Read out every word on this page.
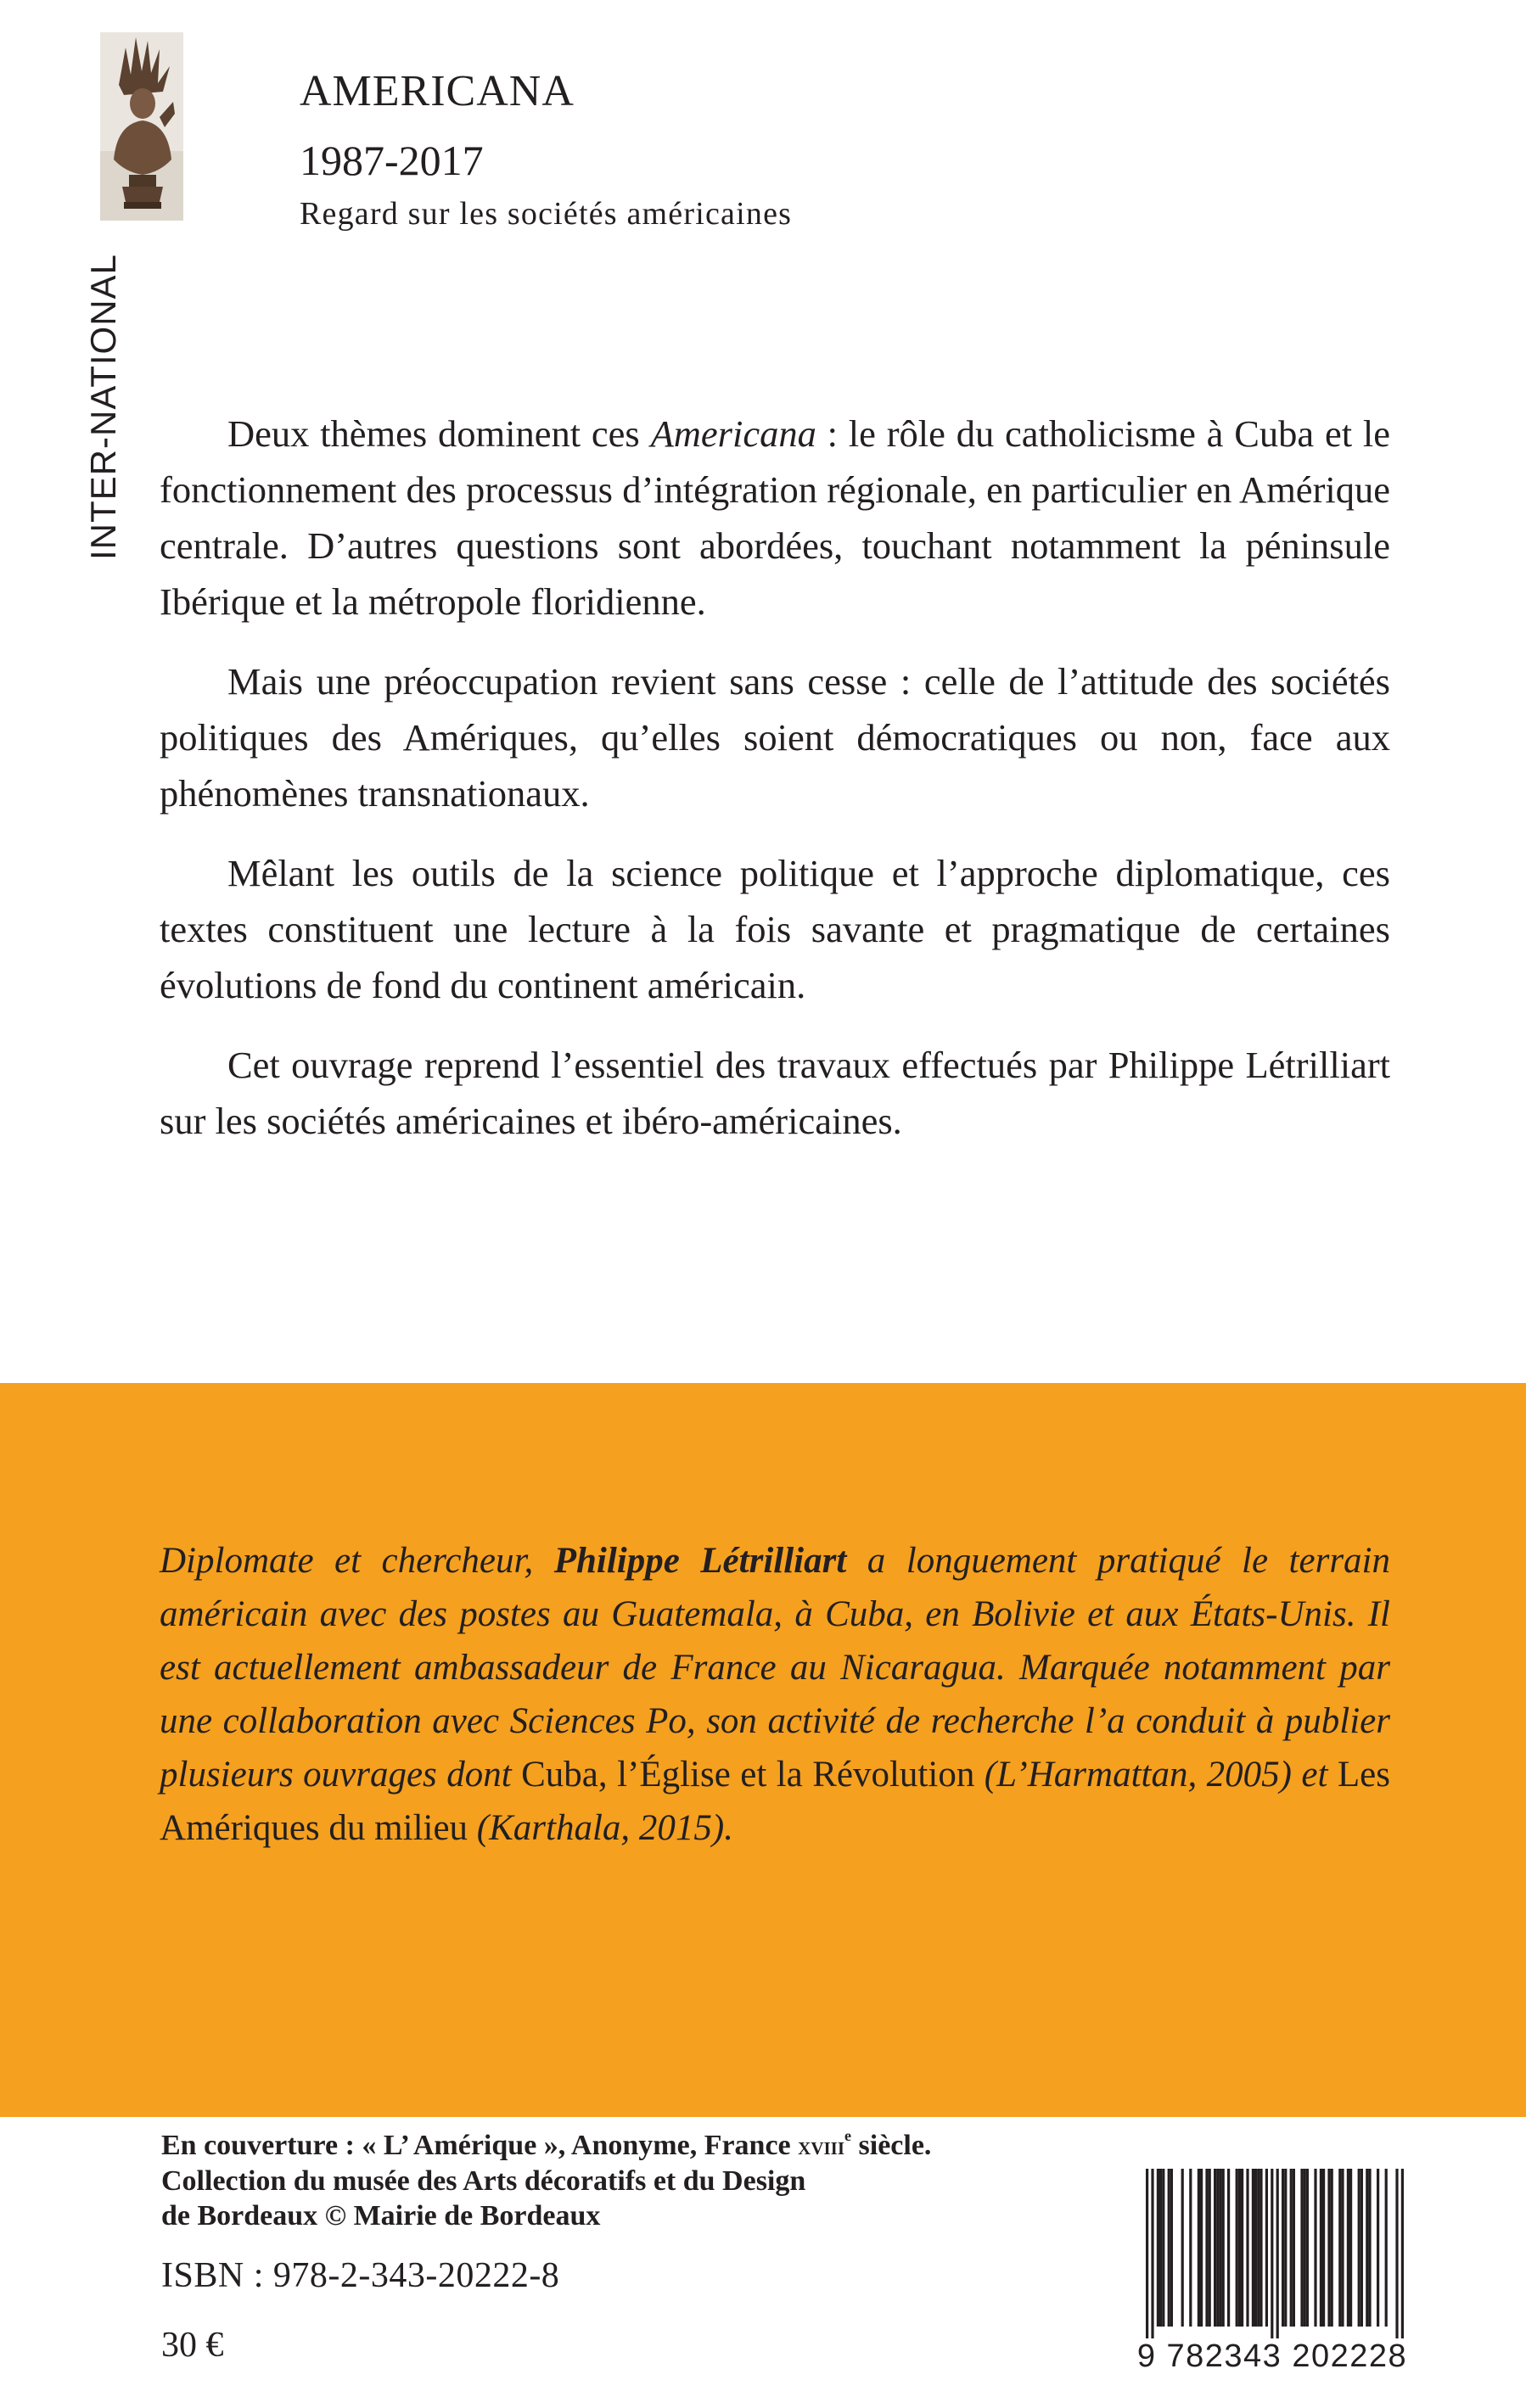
AMERICANA
1987-2017
Regard sur les sociétés américaines
INTER-NATIONAL	Deux thèmes dominent ces Americana : le rôle du catholicisme à Cuba et le fonctionnement des processus d’intégration régionale, en particulier en Amérique centrale. D’autres questions sont abordées, touchant notamment la péninsule Ibérique et la métropole floridienne.

Mais une préoccupation revient sans cesse : celle de l’attitude des sociétés politiques des Amériques, qu’elles soient démocratiques ou non, face aux phénomènes transnationaux.

Mêlant les outils de la science politique et l’approche diplomatique, ces textes constituent une lecture à la fois savante et pragmatique de certaines évolutions de fond du continent américain.

Cet ouvrage reprend l’essentiel des travaux effectués par Philippe Létrilliart sur les sociétés américaines et ibéro-américaines.

Diplomate et chercheur, Philippe Létrilliart a longuement pratiqué le terrain américain avec des postes au Guatemala, à Cuba, en Bolivie et aux États-Unis. Il est actuellement ambassadeur de France au Nicaragua. Marquée notamment par une collaboration avec Sciences Po, son activité de recherche l’a conduit à publier plusieurs ouvrages dont Cuba, l’Église et la Révolution (L’Harmattan, 2005) et Les Amériques du milieu (Karthala, 2015).

En couverture : « L’ Amérique », Anonyme, France xviii$^e$ siècle.
Collection du musée des Arts décoratifs et du Design
de Bordeaux © Mairie de Bordeaux
ISBN : 978-2-343-20222-8
30 €	9 782343 202228
